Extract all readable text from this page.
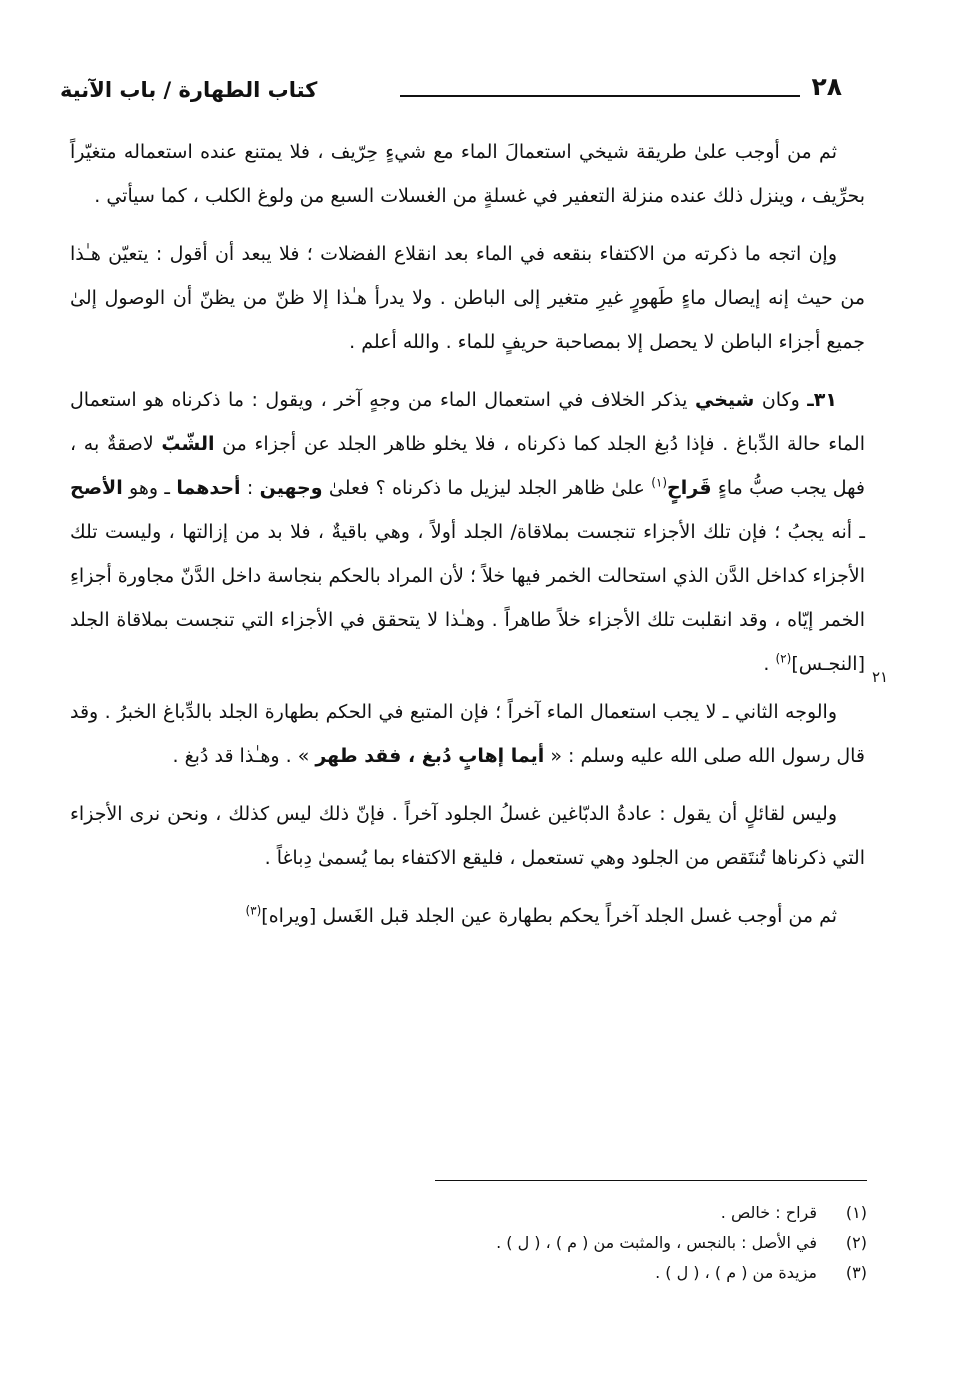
٢٨
كتاب الطهارة / باب الآنية
٢١

ثم من أوجب علىٰ طريقة شيخي استعمالَ الماء مع شيءٍ حِرّيف ، فلا يمتنع عنده استعماله متغيّراً بحرِّيف ، وينزل ذلك عنده منزلة التعفير في غسلةٍ من الغسلات السبع من ولوغ الكلب ، كما سيأتي .

وإن اتجه ما ذكرته من الاكتفاء بنقعه في الماء بعد انقلاع الفضلات ؛ فلا يبعد أن أقول : يتعيّن هـٰذا من حيث إنه إيصال ماءٍ طَهورٍ غيرِ متغير إلى الباطن . ولا يدرأ هـٰذا إلا ظنّ من يظنّ أن الوصول إلىٰ جميع أجزاء الباطن لا يحصل إلا بمصاحبة حريفٍ للماء . والله أعلم .

٣١ـ وكان شيخي يذكر الخلاف في استعمال الماء من وجهٍ آخر ، ويقول : ما ذكرناه هو استعمال الماء حالة الدِّباغ . فإذا دُبغ الجلد كما ذكرناه ، فلا يخلو ظاهر الجلد عن أجزاء من الشّبّ لاصقةٌ به ، فهل يجب صبُّ ماءٍ قَراحٍ$^{(١)}$ علىٰ ظاهر الجلد ليزيل ما ذكرناه ؟ فعلىٰ وجهين : أحدهما ـ وهو الأصح ـ أنه يجبُ ؛ فإن تلك الأجزاء تنجست بملاقاة/ الجلد أولاً ، وهي باقيةٌ ، فلا بد من إزالتها ، وليست تلك الأجزاء كداخل الدَّن الذي استحالت الخمر فيها خلاً ؛ لأن المراد بالحكم بنجاسة داخل الدَّنّ مجاورة أجزاءِ الخمر إيّاه ، وقد انقلبت تلك الأجزاء خلاً طاهراً . وهـٰذا لا يتحقق في الأجزاء التي تنجست بملاقاة الجلد [النجـس]$^{(٢)}$ .

والوجه الثاني ـ لا يجب استعمال الماء آخراً ؛ فإن المتبع في الحكم بطهارة الجلد بالدِّباغ الخبرُ . وقد قال رسول الله صلى الله عليه وسلم : « أيما إهابٍ دُبغ ، فقد طهر » . وهـٰذا قد دُبغ .

وليس لقائلٍ أن يقول : عادةُ الدبّاغين غسلُ الجلود آخراً . فإنّ ذلك ليس كذلك ، ونحن نرى الأجزاء التي ذكرناها تُنتَقص من الجلود وهي تستعمل ، فليقع الاكتفاء بما يُسمىٰ دِباغاً .

ثم من أوجب غسل الجلد آخراً يحكم بطهارة عين الجلد قبل الغَسل [ويراه]$^{(٣)}$

(١)
قراح : خالص .
(٢)
في الأصل : بالنجس ، والمثبت من ( م ) ، ( ل ) .
(٣)
مزيدة من ( م ) ، ( ل ) .
